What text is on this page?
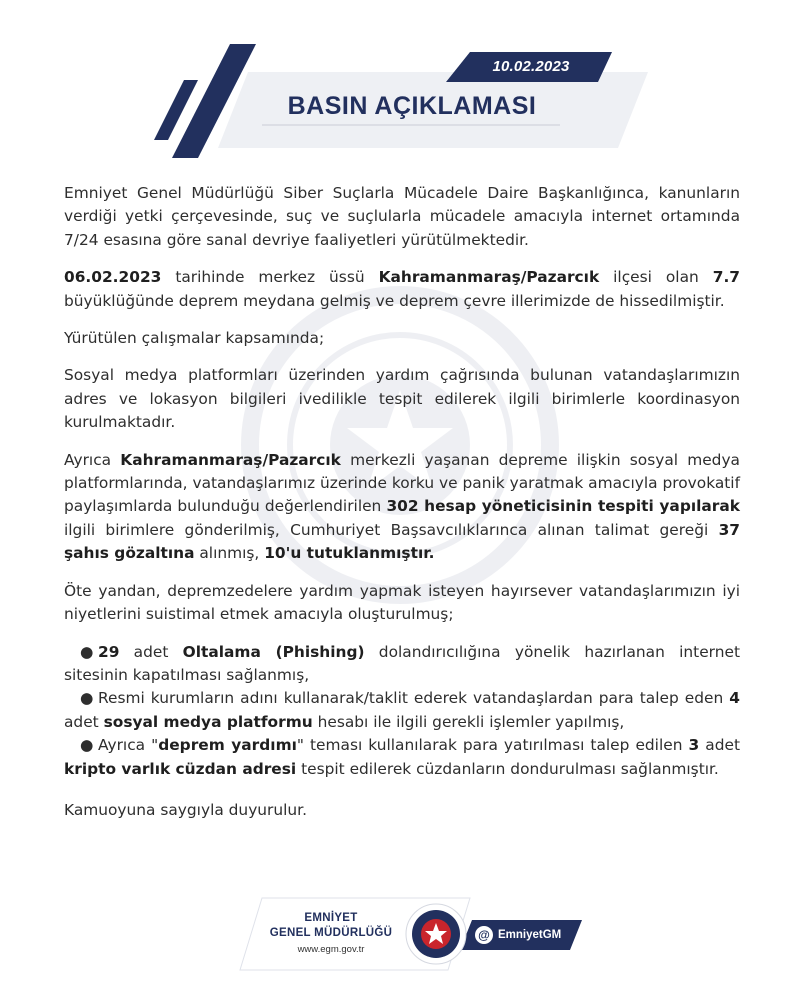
10.02.2023
BASIN AÇIKLAMASI

Emniyet Genel Müdürlüğü Siber Suçlarla Mücadele Daire Başkanlığınca, kanunların verdiği yetki çerçevesinde, suç ve suçlularla mücadele amacıyla internet ortamında 7/24 esasına göre sanal devriye faaliyetleri yürütülmektedir.

06.02.2023 tarihinde merkez üssü Kahramanmaraş/Pazarcık ilçesi olan 7.7 büyüklüğünde deprem meydana gelmiş ve deprem çevre illerimizde de hissedilmiştir.

Yürütülen çalışmalar kapsamında;

Sosyal medya platformları üzerinden yardım çağrısında bulunan vatandaşlarımızın adres ve lokasyon bilgileri ivedilikle tespit edilerek ilgili birimlerle koordinasyon kurulmaktadır.

Ayrıca Kahramanmaraş/Pazarcık merkezli yaşanan depreme ilişkin sosyal medya platformlarında, vatandaşlarımız üzerinde korku ve panik yaratmak amacıyla provokatif paylaşımlarda bulunduğu değerlendirilen 302 hesap yöneticisinin tespiti yapılarak ilgili birimlere gönderilmiş, Cumhuriyet Başsavcılıklarınca alınan talimat gereği 37 şahıs gözaltına alınmış, 10'u tutuklanmıştır.

Öte yandan, depremzedelere yardım yapmak isteyen hayırsever vatandaşlarımızın iyi niyetlerini suistimal etmek amacıyla oluşturulmuş;

● 29 adet Oltalama (Phishing) dolandırıcılığına yönelik hazırlanan internet sitesinin kapatılması sağlanmış,

● Resmi kurumların adını kullanarak/taklit ederek vatandaşlardan para talep eden 4 adet sosyal medya platformu hesabı ile ilgili gerekli işlemler yapılmış,

● Ayrıca "deprem yardımı" teması kullanılarak para yatırılması talep edilen 3 adet kripto varlık cüzdan adresi tespit edilerek cüzdanların dondurulması sağlanmıştır.

Kamuoyuna saygıyla duyurulur.

EMNİYET
GENEL MÜDÜRLÜĞÜ
www.egm.gov.tr
@ EmniyetGM
